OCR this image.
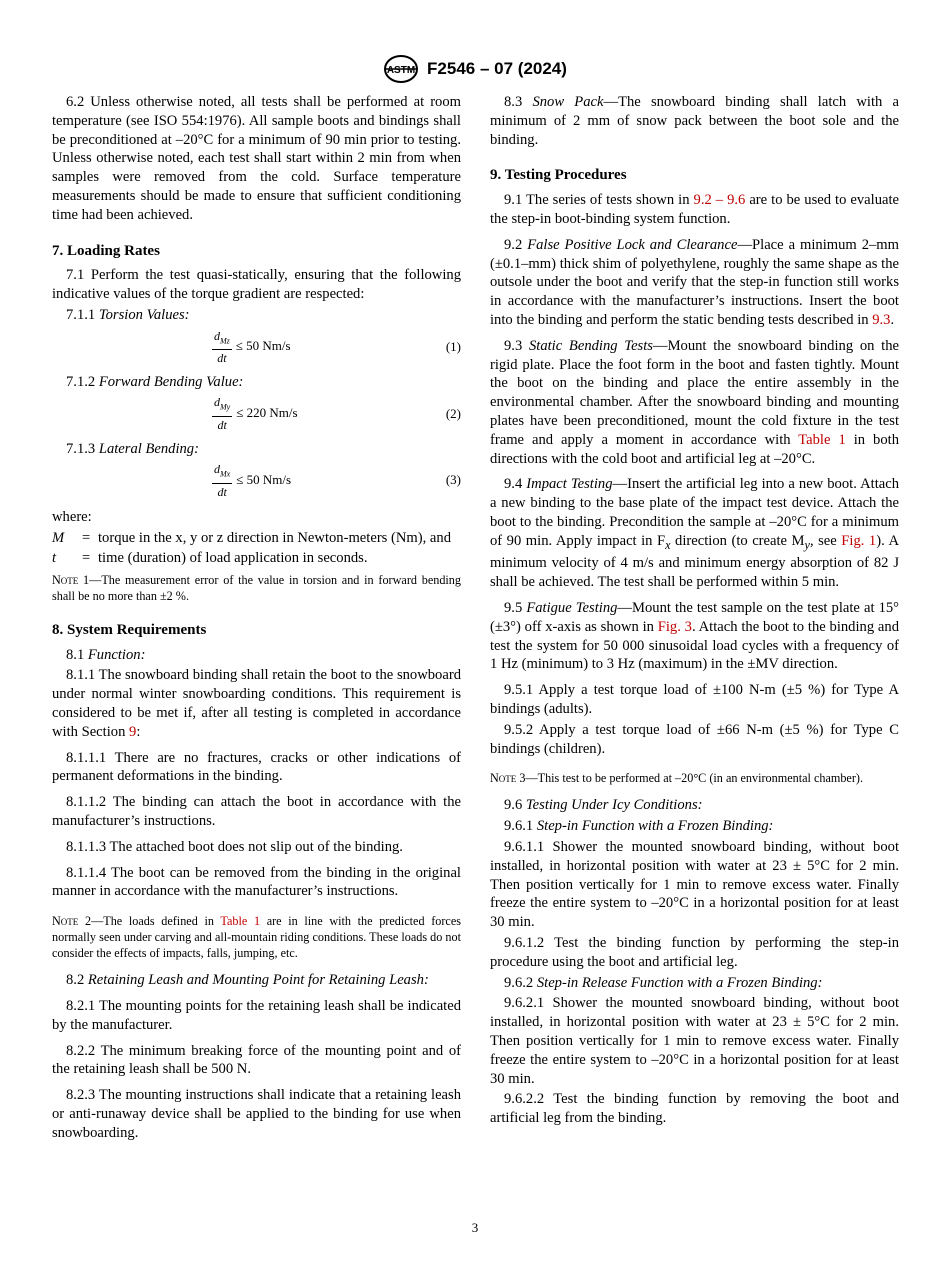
ASTM F2546 – 07 (2024)

6.2 Unless otherwise noted, all tests shall be performed at room temperature (see ISO 554:1976). All sample boots and bindings shall be preconditioned at –20°C for a minimum of 90 min prior to testing. Unless otherwise noted, each test shall start within 2 min from when samples were removed from the cold. Surface temperature measurements should be made to ensure that sufficient conditioning time had been achieved.

7. Loading Rates

7.1 Perform the test quasi-statically, ensuring that the following indicative values of the torque gradient are respected:

7.1.1 Torsion Values:

$\frac{d_{Mz}}{dt} \le 50$ Nm/s	(1)

7.1.2 Forward Bending Value:

$\frac{d_{My}}{dt} \le 220$ Nm/s	(2)

7.1.3 Lateral Bending:

$\frac{d_{Mx}}{dt} \le 50$ Nm/s	(3)
where:
M	= torque in the x, y or z direction in Newton-meters (Nm), and
t	= time (duration) of load application in seconds.
Note 1—The measurement error of the value in torsion and in forward bending shall be no more than ±2 %.
8. System Requirements

8.1 Function:

8.1.1 The snowboard binding shall retain the boot to the snowboard under normal winter snowboarding conditions. This requirement is considered to be met if, after all testing is completed in accordance with Section 9:

8.1.1.1 There are no fractures, cracks or other indications of permanent deformations in the binding.

8.1.1.2 The binding can attach the boot in accordance with the manufacturer’s instructions.

8.1.1.3 The attached boot does not slip out of the binding.

8.1.1.4 The boot can be removed from the binding in the original manner in accordance with the manufacturer’s instructions.

Note 2—The loads defined in Table 1 are in line with the predicted forces normally seen under carving and all-mountain riding conditions. These loads do not consider the effects of impacts, falls, jumping, etc.

8.2 Retaining Leash and Mounting Point for Retaining Leash:

8.2.1 The mounting points for the retaining leash shall be indicated by the manufacturer.

8.2.2 The minimum breaking force of the mounting point and of the retaining leash shall be 500 N.

8.2.3 The mounting instructions shall indicate that a retaining leash or anti-runaway device shall be applied to the binding for use when snowboarding.

8.3 Snow Pack—The snowboard binding shall latch with a minimum of 2 mm of snow pack between the boot sole and the binding.

9. Testing Procedures

9.1 The series of tests shown in 9.2 – 9.6 are to be used to evaluate the step-in boot-binding system function.

9.2 False Positive Lock and Clearance—Place a minimum 2–mm (±0.1–mm) thick shim of polyethylene, roughly the same shape as the outsole under the boot and verify that the step-in function still works in accordance with the manufacturer’s instructions. Insert the boot into the binding and perform the static bending tests described in 9.3.

9.3 Static Bending Tests—Mount the snowboard binding on the rigid plate. Place the foot form in the boot and fasten tightly. Mount the boot on the binding and place the entire assembly in the environmental chamber. After the snowboard binding and mounting plates have been preconditioned, mount the cold fixture in the test frame and apply a moment in accordance with Table 1 in both directions with the cold boot and artificial leg at –20°C.

9.4 Impact Testing—Insert the artificial leg into a new boot. Attach a new binding to the base plate of the impact test device. Attach the boot to the binding. Precondition the sample at –20°C for a minimum of 90 min. Apply impact in $F_x$ direction (to create $M_y$, see Fig. 1). A minimum velocity of 4 m/s and minimum energy absorption of 82 J shall be achieved. The test shall be performed within 5 min.

9.5 Fatigue Testing—Mount the test sample on the test plate at 15° (±3°) off x-axis as shown in Fig. 3. Attach the boot to the binding and test the system for 50 000 sinusoidal load cycles with a frequency of 1 Hz (minimum) to 3 Hz (maximum) in the ±MV direction.

9.5.1 Apply a test torque load of ±100 N-m (±5 %) for Type A bindings (adults).

9.5.2 Apply a test torque load of ±66 N-m (±5 %) for Type C bindings (children).

Note 3—This test to be performed at –20°C (in an environmental chamber).

9.6 Testing Under Icy Conditions:

9.6.1 Step-in Function with a Frozen Binding:

9.6.1.1 Shower the mounted snowboard binding, without boot installed, in horizontal position with water at 23 ± 5°C for 2 min. Then position vertically for 1 min to remove excess water. Finally freeze the entire system to –20°C in a horizontal position for at least 30 min.

9.6.1.2 Test the binding function by performing the step-in procedure using the boot and artificial leg.

9.6.2 Step-in Release Function with a Frozen Binding:

9.6.2.1 Shower the mounted snowboard binding, without boot installed, in horizontal position with water at 23 ± 5°C for 2 min. Then position vertically for 1 min to remove excess water. Finally freeze the entire system to –20°C in a horizontal position for at least 30 min.

9.6.2.2 Test the binding function by removing the boot and artificial leg from the binding.

3
